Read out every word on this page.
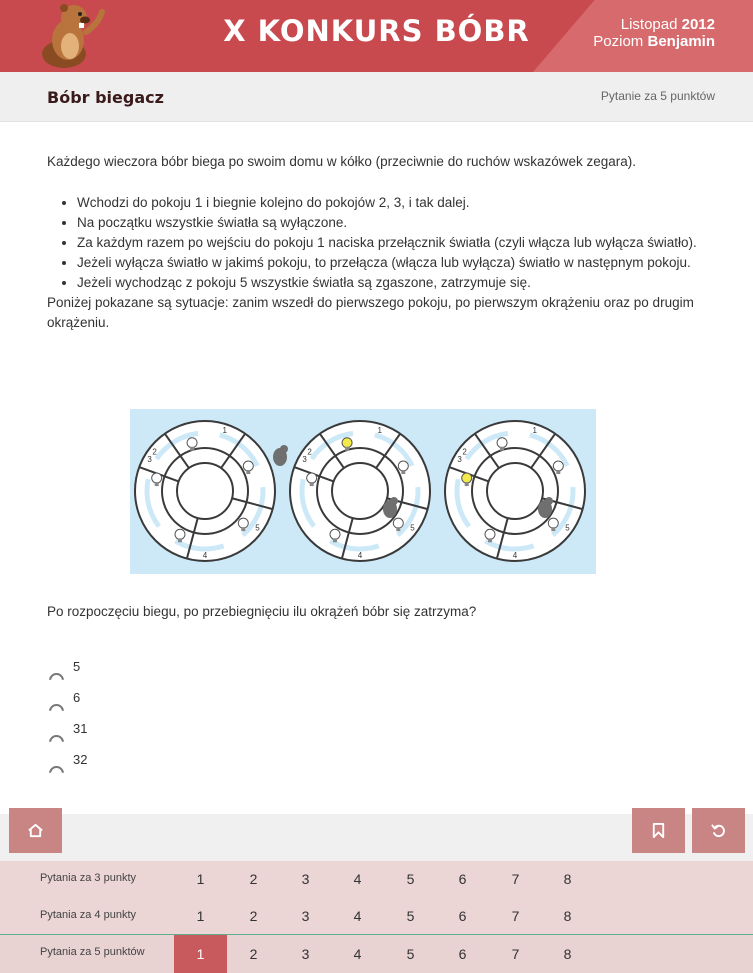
X KONKURS BÓBR	Listopad 2012
Poziom Benjamin
Bóbr biegacz	Pytanie za 5 punktów

Każdego wieczora bóbr biega po swoim domu w kółko (przeciwnie do ruchów wskazówek zegara).

• Wchodzi do pokoju 1 i biegnie kolejno do pokojów 2, 3, i tak dalej.
• Na początku wszystkie światła są wyłączone.
• Za każdym razem po wejściu do pokoju 1 naciska przełącznik światła (czyli włącza lub wyłącza światło).
• Jeżeli wyłącza światło w jakimś pokoju, to przełącza (włącza lub wyłącza) światło w następnym pokoju.
• Jeżeli wychodząc z pokoju 5 wszystkie światła są zgaszone, zatrzymuje się.

Poniżej pokazane są sytuacje: zanim wszedł do pierwszego pokoju, po pierwszym okrążeniu oraz po drugim okrążeniu.

1
2
3
4
5
1
2
3
4
5
1
2
3
4
5
Po rozpoczęciu biegu, po przebiegnięciu ilu okrążeń bóbr się zatrzyma?
5
6
31
32
Pytania za 3 punkty	1	2	3	4	5	6	7	8
Pytania za 4 punkty	1	2	3	4	5	6	7	8
Pytania za 5 punktów	1	2	3	4	5	6	7	8
